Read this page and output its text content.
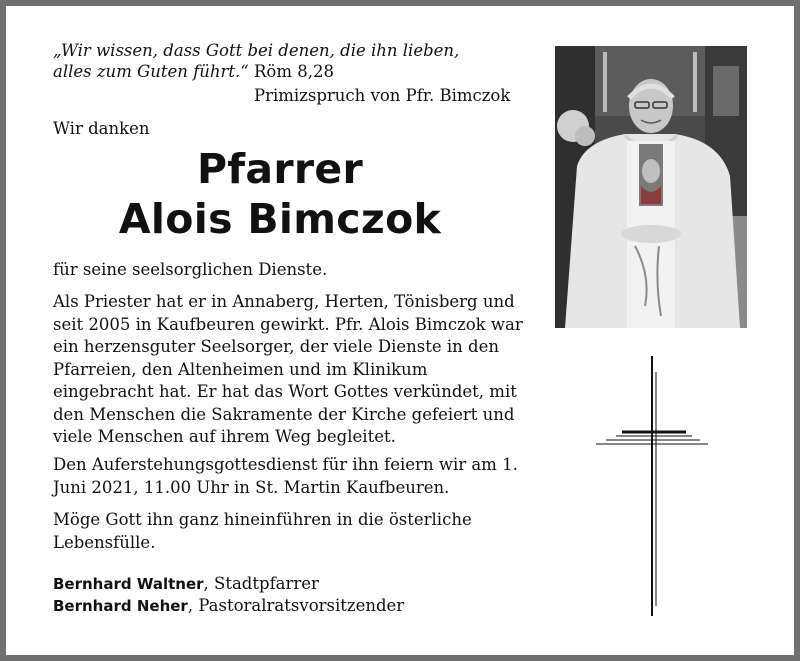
„Wir wissen, dass Gott bei denen, die ihn lieben,
alles zum Guten führt.“ Röm 8,28
Primizspruch von Pfr. Bimczok
Wir danken
Pfarrer
Alois Bimczok
für seine seelsorglichen Dienste.
Als Priester hat er in Annaberg, Herten, Tönisberg und seit 2005 in Kaufbeuren gewirkt. Pfr. Alois Bimczok war ein herzensguter Seelsorger, der viele Dienste in den Pfarreien, den Altenheimen und im Klinikum eingebracht hat. Er hat das Wort Gottes verkündet, mit den Menschen die Sakramente der Kirche gefeiert und viele Menschen auf ihrem Weg begleitet.
Den Auferstehungsgottesdienst für ihn feiern wir am 1. Juni 2021, 11.00 Uhr in St. Martin Kaufbeuren.
Möge Gott ihn ganz hineinführen in die österliche Lebensfülle.
Bernhard Waltner, Stadtpfarrer
Bernhard Neher, Pastoralratsvorsitzender
